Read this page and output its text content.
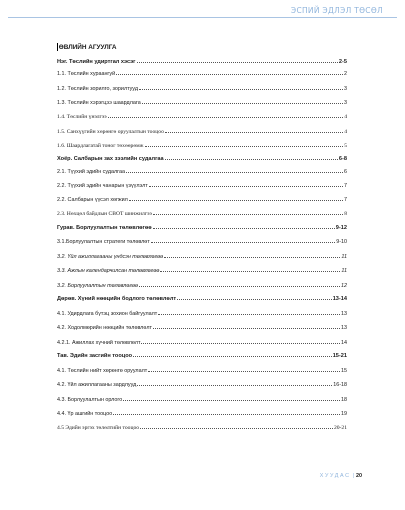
ЭСПИЙ ЭДЛЭЛ ТӨСӨЛ
ӨВЛИЙН АГУУЛГА
Нэг. Төслийн удиртгал хэсэг	2-5
1.1. Төслийн хураангуй	2
1.2. Төслийн зорилго, зорилтууд	3
1.3. Төслийн хэрэгцээ шаардлага	3
1.4. Төслийн үнэлгээ	4
1.5. Санхүүгийн хөрөнгө оруулалтын тооцоо	4
1.6. Шаардлагатай тоног төхөөрөмж	5
Хоёр. Салбарын зах зээлийн судалгаа	6-8
2.1. Түүхий эдийн судалгаа	6
2.2. Түүхий эдийн чанарын үзүүлэлт	7
2.2. Салбарын үүсэл хөгжил	7
2.3. Нөхцөл байдлын СВОТ шинжилгээ	8
Гурав. Борлуулалтын төлөвлөгөө	9-12
3.1.Борлуулалтын стратеги төлөвлөт	9-10
3.2. Үйл ажиллагааны үндсэн төлөвлөгөө	11
3.3. Ажлын календарчилсан төлөвлөгөө	11
3.2. Борлуулалтын төлөвлөгөө	12
Дөрөв. Хүний нөөцийн бодлого төлөвлөлт	13-14
4.1. Удирдлага бүтэц зохион байгуулалт	13
4.2. Ходолмөрийн нөөцийн төлөвлөлт	13
4.2.1. Ажиллах хүчний төлөвлөлт	14
Тав. Эдийн засгийн тооцоо	15-21
4.1. Төслийн нийт хөрөнгө оруулалт	15
4.2. Үйл ажиллагааны зардлууд	16-18
4.3. Борлуулалтын орлого	18
4.4. Үр ашгийн тооцоо	19
4.5 Эдийн эргэх төлөлтийн тооцоо	20-21
ХУУДАС | 20
